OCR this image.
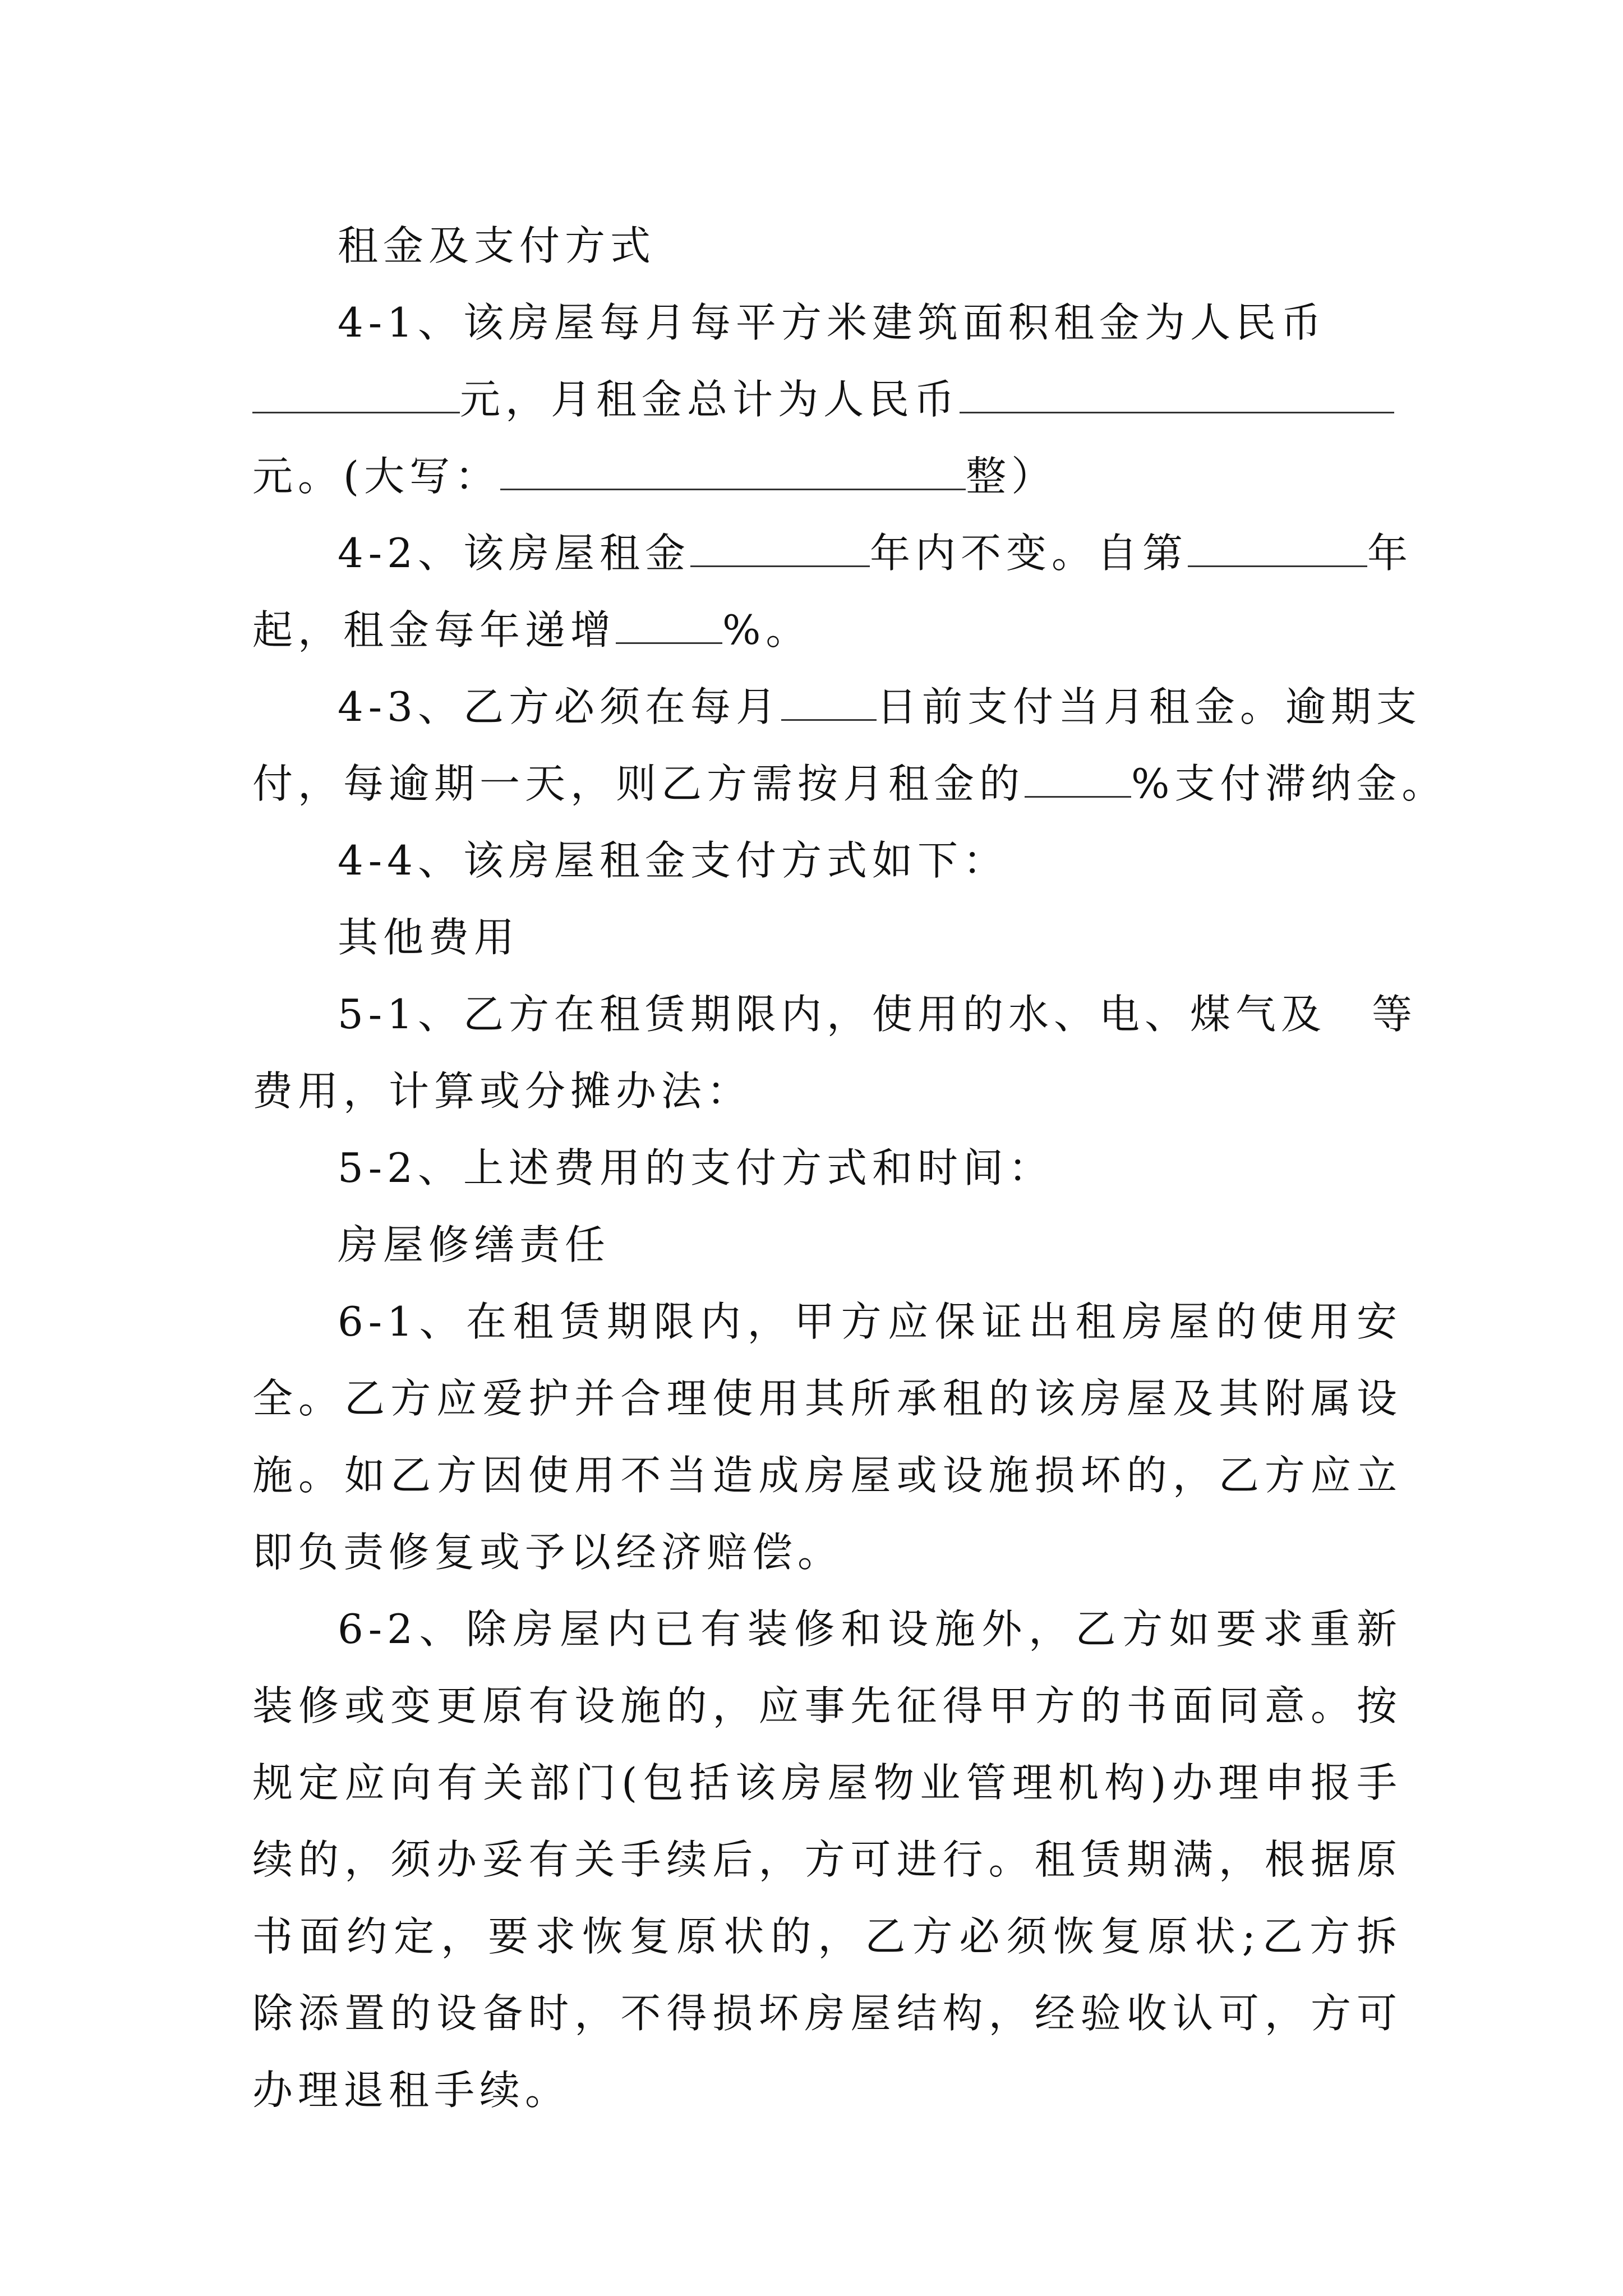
租金及支付方式

4-1、该房屋每月每平方米建筑面积租金为人民币
元，月租金总计为人民币
元。(大写：	整）
4-2、该房屋租金	年内不变。自第	年
起，租金每年递增	%。
4-3、乙方必须在每月 日前支付当月租金。逾期支
付，每逾期一天，则乙方需按月租金的	%支付滞纳金。

4-4、该房屋租金支付方式如下：

其他费用

5-1、乙方在租赁期限内，使用的水、电、煤气及　等
费用，计算或分摊办法：

5-2、上述费用的支付方式和时间：

房屋修缮责任

6-1、在租赁期限内，甲方应保证出租房屋的使用安全。乙方应爱护并合理使用其所承租的该房屋及其附属设施。如乙方因使用不当造成房屋或设施损坏的，乙方应立即负责修复或予以经济赔偿。

6-2、除房屋内已有装修和设施外，乙方如要求重新装修或变更原有设施的，应事先征得甲方的书面同意。按规定应向有关部门(包括该房屋物业管理机构)办理申报手续的，须办妥有关手续后，方可进行。租赁期满，根据原书面约定，要求恢复原状的，乙方必须恢复原状;乙方拆除添置的设备时，不得损坏房屋结构，经验收认可，方可办理退租手续。
